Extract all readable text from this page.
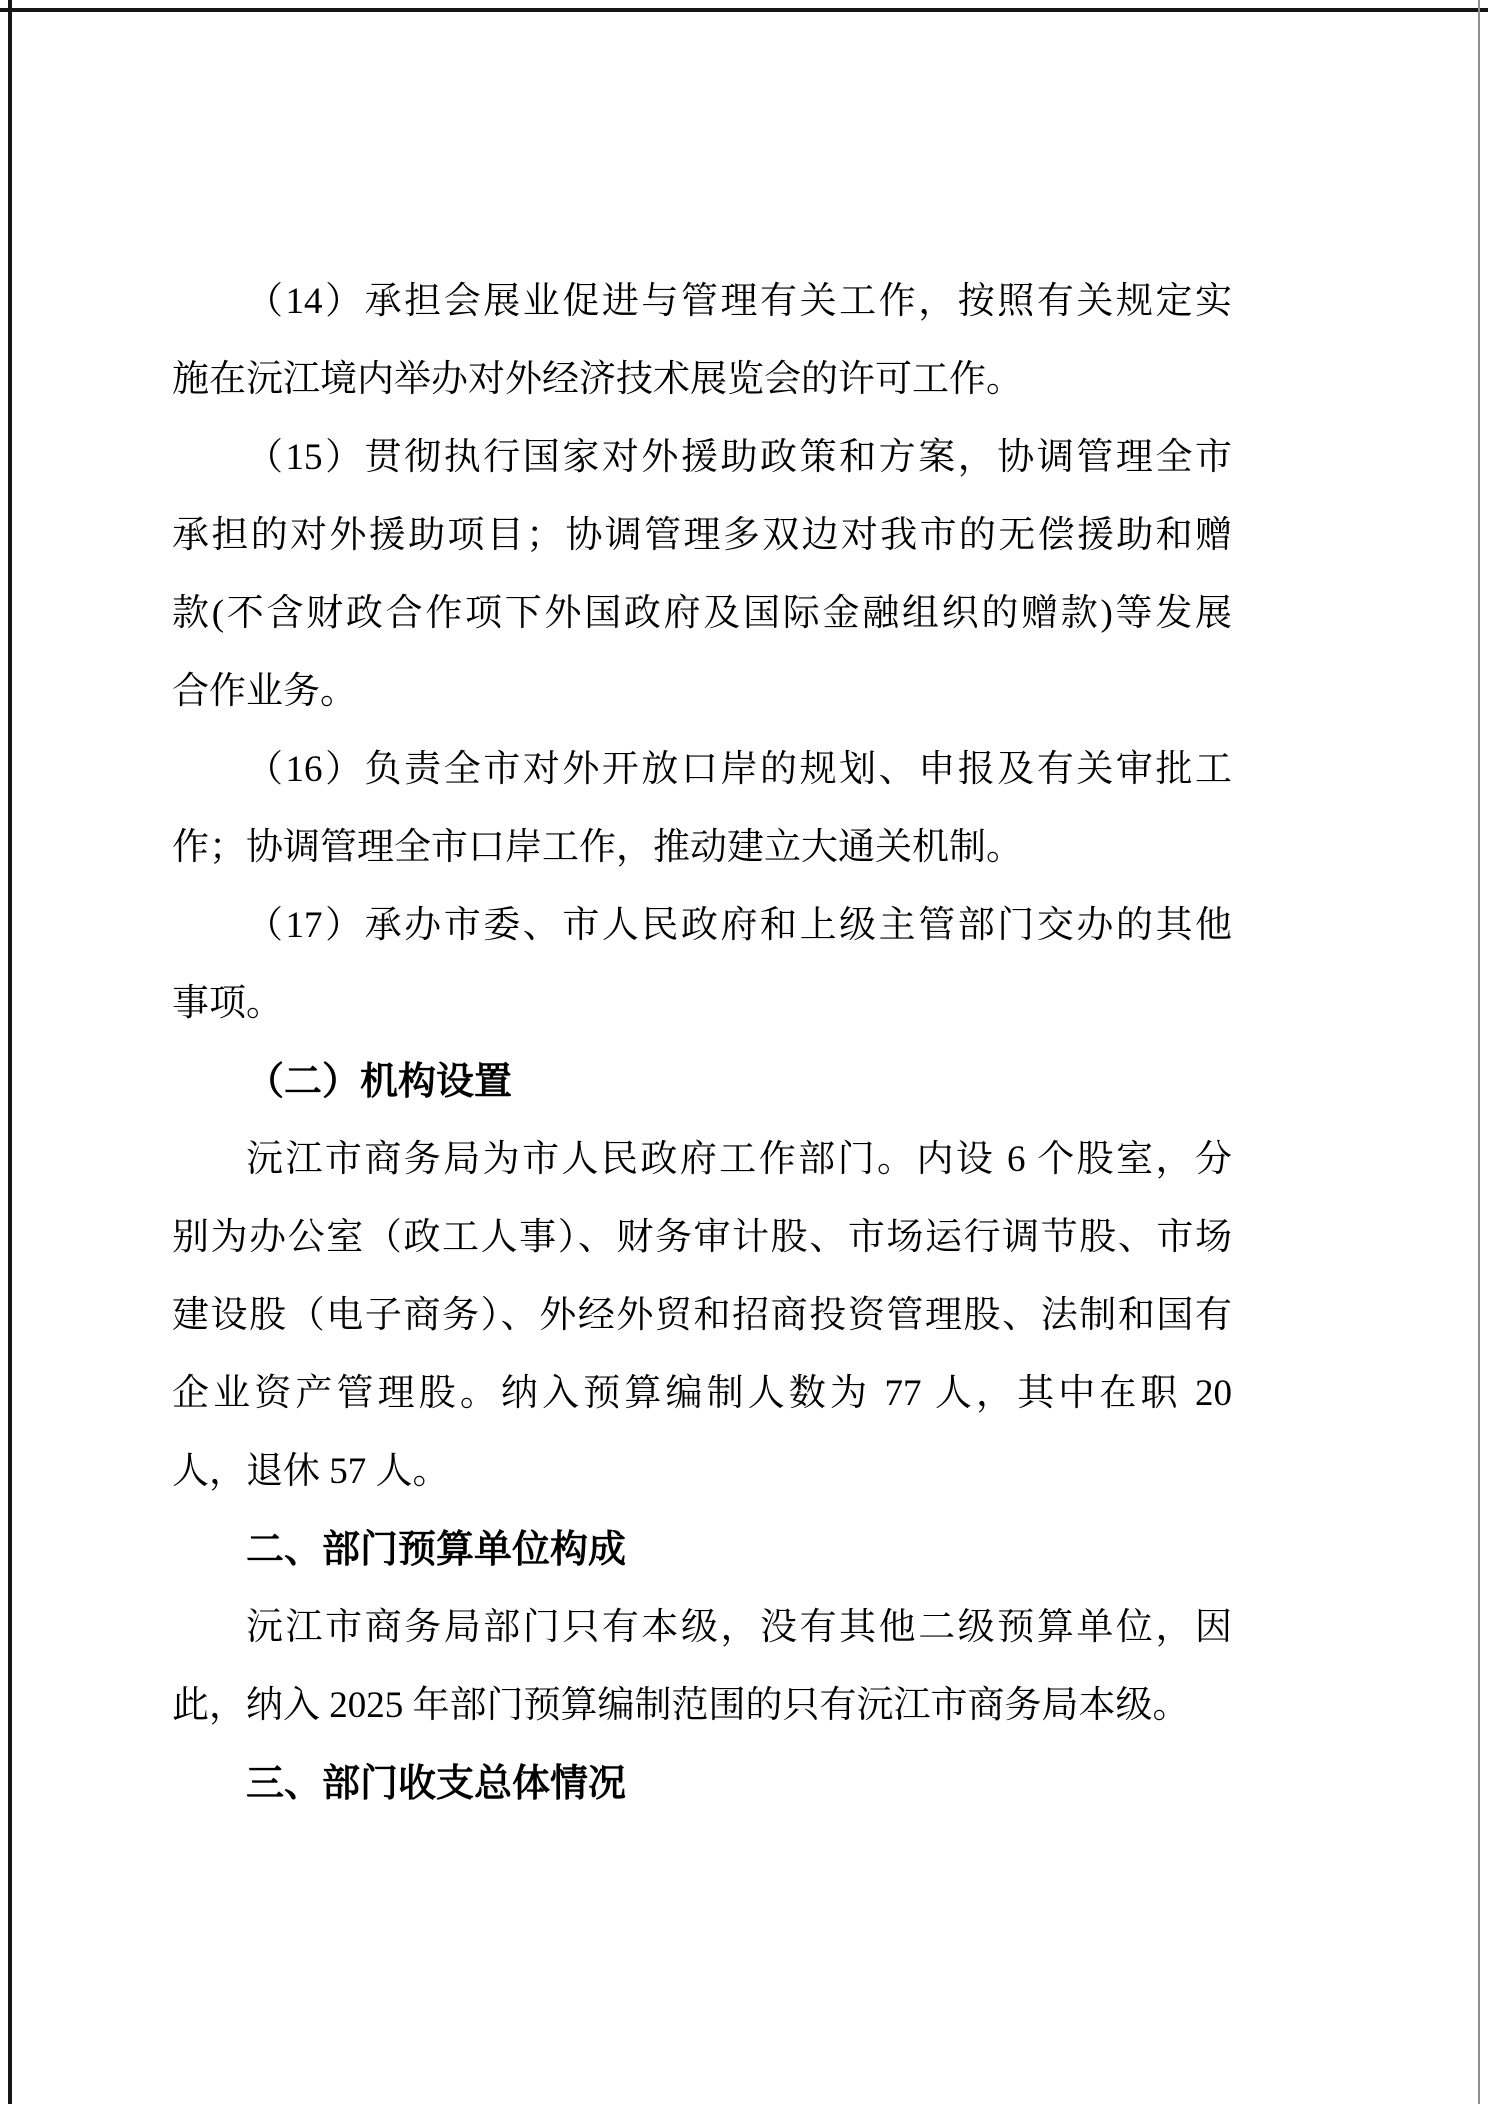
（14）承担会展业促进与管理有关工作，按照有关规定实
施在沅江境内举办对外经济技术展览会的许可工作。
（15）贯彻执行国家对外援助政策和方案，协调管理全市
承担的对外援助项目；协调管理多双边对我市的无偿援助和赠
款(不含财政合作项下外国政府及国际金融组织的赠款)等发展
合作业务。
（16）负责全市对外开放口岸的规划、申报及有关审批工
作；协调管理全市口岸工作，推动建立大通关机制。
（17）承办市委、市人民政府和上级主管部门交办的其他
事项。
（二）机构设置
沅江市商务局为市人民政府工作部门。内设 6 个股室，分
别为办公室（政工人事）、财务审计股、市场运行调节股、市场
建设股（电子商务）、外经外贸和招商投资管理股、法制和国有
企业资产管理股。纳入预算编制人数为 77 人，其中在职 20
人，退休 57 人。
二、部门预算单位构成
沅江市商务局部门只有本级，没有其他二级预算单位，因
此，纳入 2025 年部门预算编制范围的只有沅江市商务局本级。
三、部门收支总体情况
